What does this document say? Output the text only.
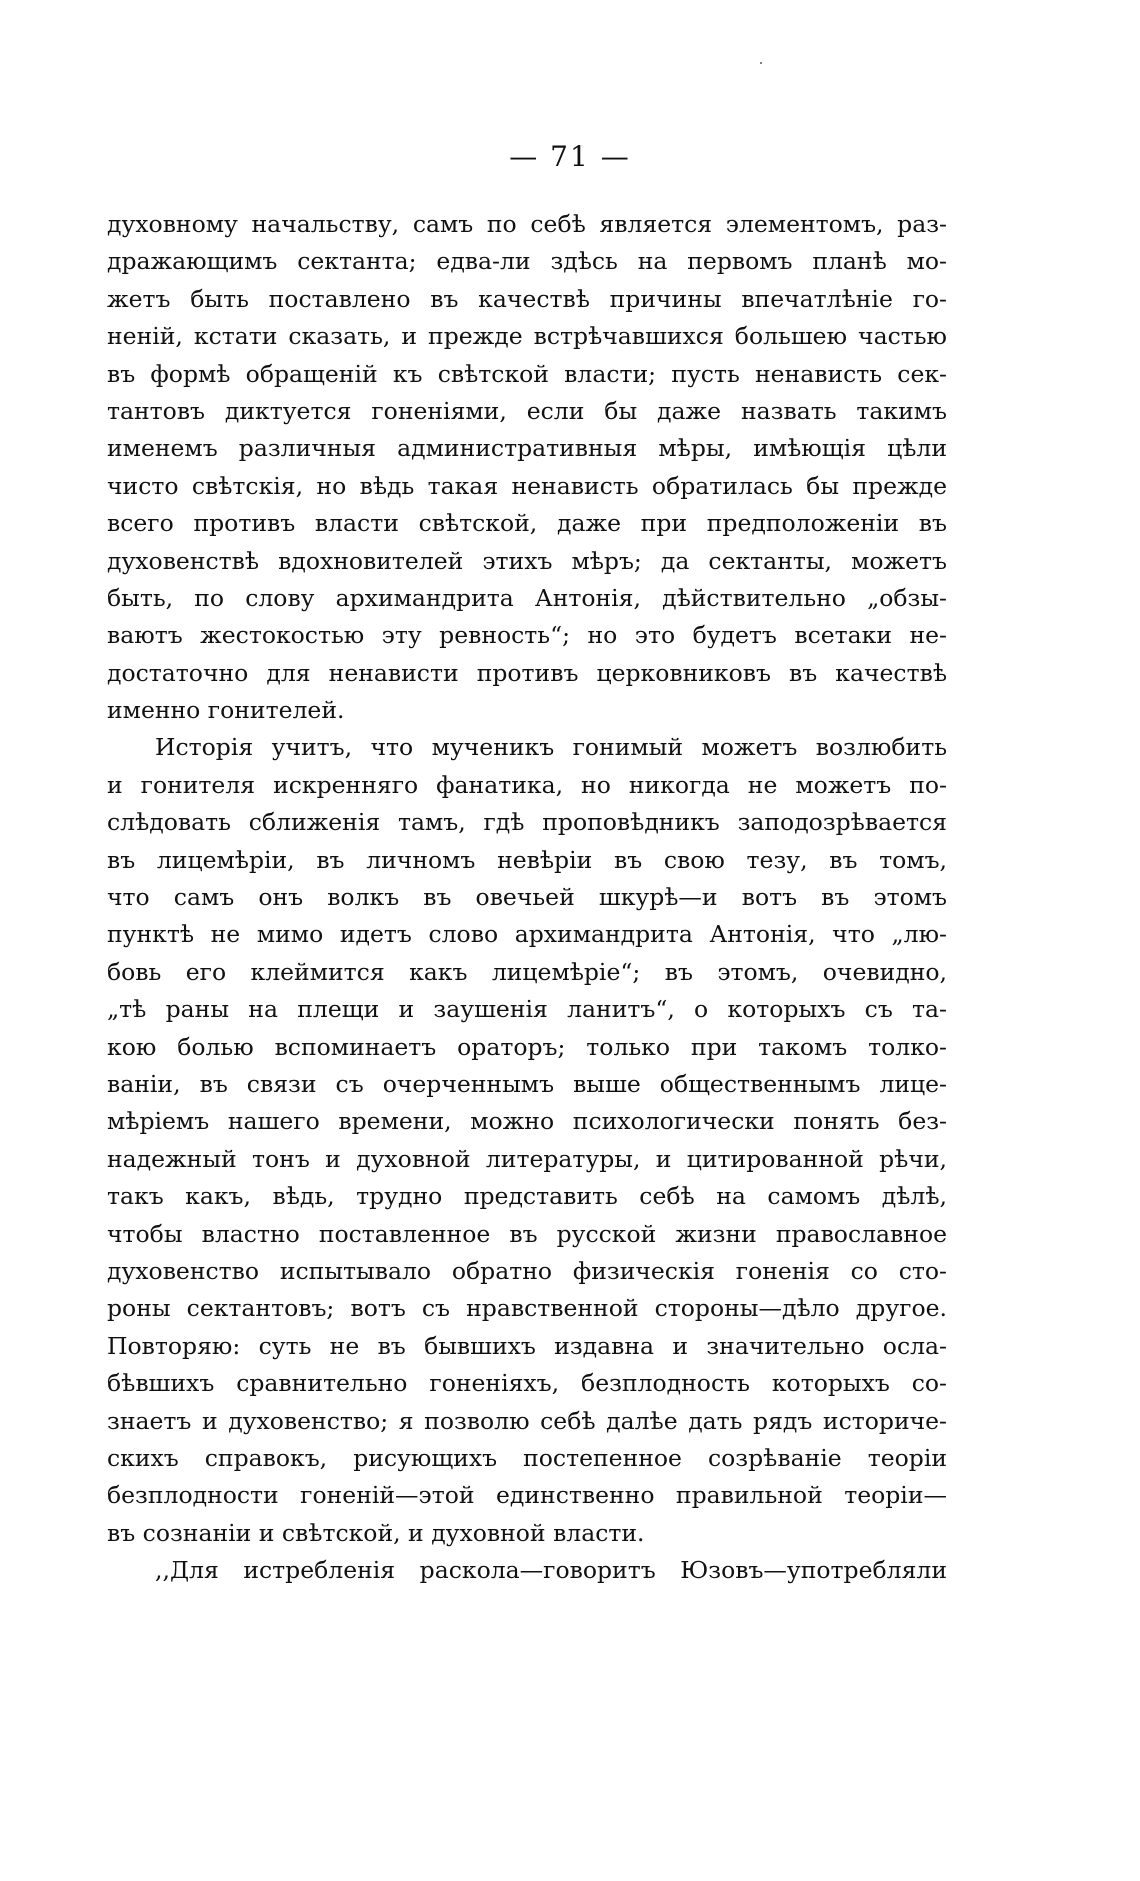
— 71 —
духовному начальству, самъ по себѣ является элементомъ, раз-
дражающимъ сектанта; едва-ли здѣсь на первомъ планѣ мо-
жетъ быть поставлено въ качествѣ причины впечатлѣніе го-
неній, кстати сказать, и прежде встрѣчавшихся большею частью
въ формѣ обращеній къ свѣтской власти; пусть ненависть сек-
тантовъ диктуется гоненіями, если бы даже назвать такимъ
именемъ различныя административныя мѣры, имѣющія цѣли
чисто свѣтскія, но вѣдь такая ненависть обратилась бы прежде
всего противъ власти свѣтской, даже при предположеніи въ
духовенствѣ вдохновителей этихъ мѣръ; да сектанты, можетъ
быть, по слову архимандрита Антонія, дѣйствительно „обзы-
ваютъ жестокостью эту ревность“; но это будетъ всетаки не-
достаточно для ненависти противъ церковниковъ въ качествѣ
именно гонителей.
Исторія учитъ, что мученикъ гонимый можетъ возлюбить
и гонителя искренняго фанатика, но никогда не можетъ по-
слѣдовать сближенія тамъ, гдѣ проповѣдникъ заподозрѣвается
въ лицемѣріи, въ личномъ невѣріи въ свою тезу, въ томъ,
что самъ онъ волкъ въ овечьей шкурѣ—и вотъ въ этомъ
пунктѣ не мимо идетъ слово архимандрита Антонія, что „лю-
бовь его клеймится какъ лицемѣріе“; въ этомъ, очевидно,
„тѣ раны на плещи и заушенія ланитъ“, о которыхъ съ та-
кою болью вспоминаетъ ораторъ; только при такомъ толко-
ваніи, въ связи съ очерченнымъ выше общественнымъ лице-
мѣріемъ нашего времени, можно психологически понять без-
надежный тонъ и духовной литературы, и цитированной рѣчи,
такъ какъ, вѣдь, трудно представить себѣ на самомъ дѣлѣ,
чтобы властно поставленное въ русской жизни православное
духовенство испытывало обратно физическія гоненія со сто-
роны сектантовъ; вотъ съ нравственной стороны—дѣло другое.
Повторяю: суть не въ бывшихъ издавна и значительно осла-
бѣвшихъ сравнительно гоненіяхъ, безплодность которыхъ со-
знаетъ и духовенство; я позволю себѣ далѣе дать рядъ историче-
скихъ справокъ, рисующихъ постепенное созрѣваніе теоріи
безплодности гоненій—этой единственно правильной теоріи—
въ сознаніи и свѣтской, и духовной власти.
,,Для истребленія раскола—говоритъ Юзовъ—употребляли
